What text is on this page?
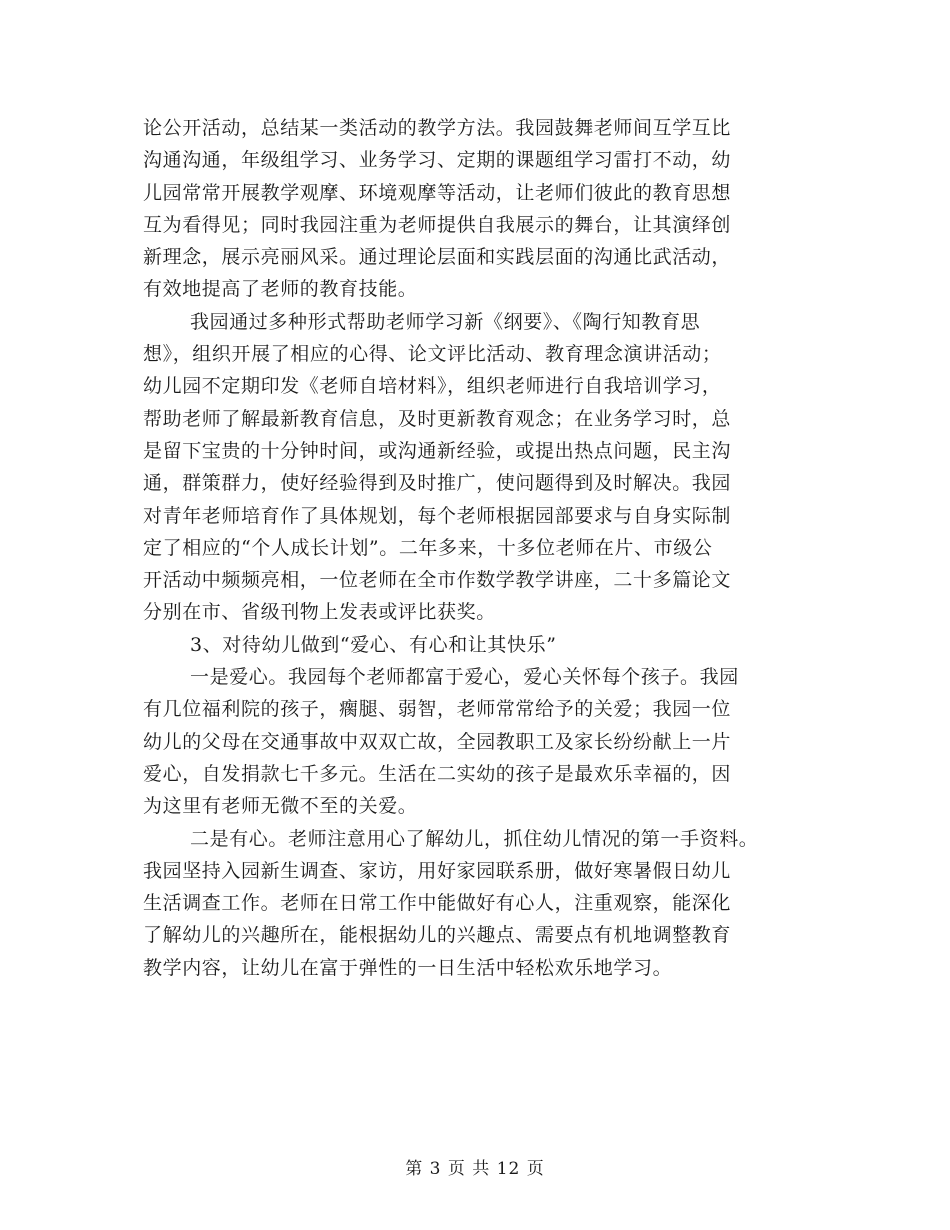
论公开活动，总结某一类活动的教学方法。我园鼓舞老师间互学互比
沟通沟通，年级组学习、业务学习、定期的课题组学习雷打不动，幼
儿园常常开展教学观摩、环境观摩等活动，让老师们彼此的教育思想
互为看得见；同时我园注重为老师提供自我展示的舞台，让其演绎创
新理念，展示亮丽风采。通过理论层面和实践层面的沟通比武活动，
有效地提高了老师的教育技能。
我园通过多种形式帮助老师学习新《纲要》、《陶行知教育思
想》，组织开展了相应的心得、论文评比活动、教育理念演讲活动；
幼儿园不定期印发《老师自培材料》，组织老师进行自我培训学习，
帮助老师了解最新教育信息，及时更新教育观念；在业务学习时，总
是留下宝贵的十分钟时间，或沟通新经验，或提出热点问题，民主沟
通，群策群力，使好经验得到及时推广，使问题得到及时解决。我园
对青年老师培育作了具体规划，每个老师根据园部要求与自身实际制
定了相应的“个人成长计划”。二年多来，十多位老师在片、市级公
开活动中频频亮相，一位老师在全市作数学教学讲座，二十多篇论文
分别在市、省级刊物上发表或评比获奖。
3、对待幼儿做到“爱心、有心和让其快乐”
一是爱心。我园每个老师都富于爱心，爱心关怀每个孩子。我园
有几位福利院的孩子，瘸腿、弱智，老师常常给予的关爱；我园一位
幼儿的父母在交通事故中双双亡故，全园教职工及家长纷纷献上一片
爱心，自发捐款七千多元。生活在二实幼的孩子是最欢乐幸福的，因
为这里有老师无微不至的关爱。
二是有心。老师注意用心了解幼儿，抓住幼儿情况的第一手资料。
我园坚持入园新生调查、家访，用好家园联系册，做好寒暑假日幼儿
生活调查工作。老师在日常工作中能做好有心人，注重观察，能深化
了解幼儿的兴趣所在，能根据幼儿的兴趣点、需要点有机地调整教育
教学内容，让幼儿在富于弹性的一日生活中轻松欢乐地学习。
第 3 页 共 12 页
